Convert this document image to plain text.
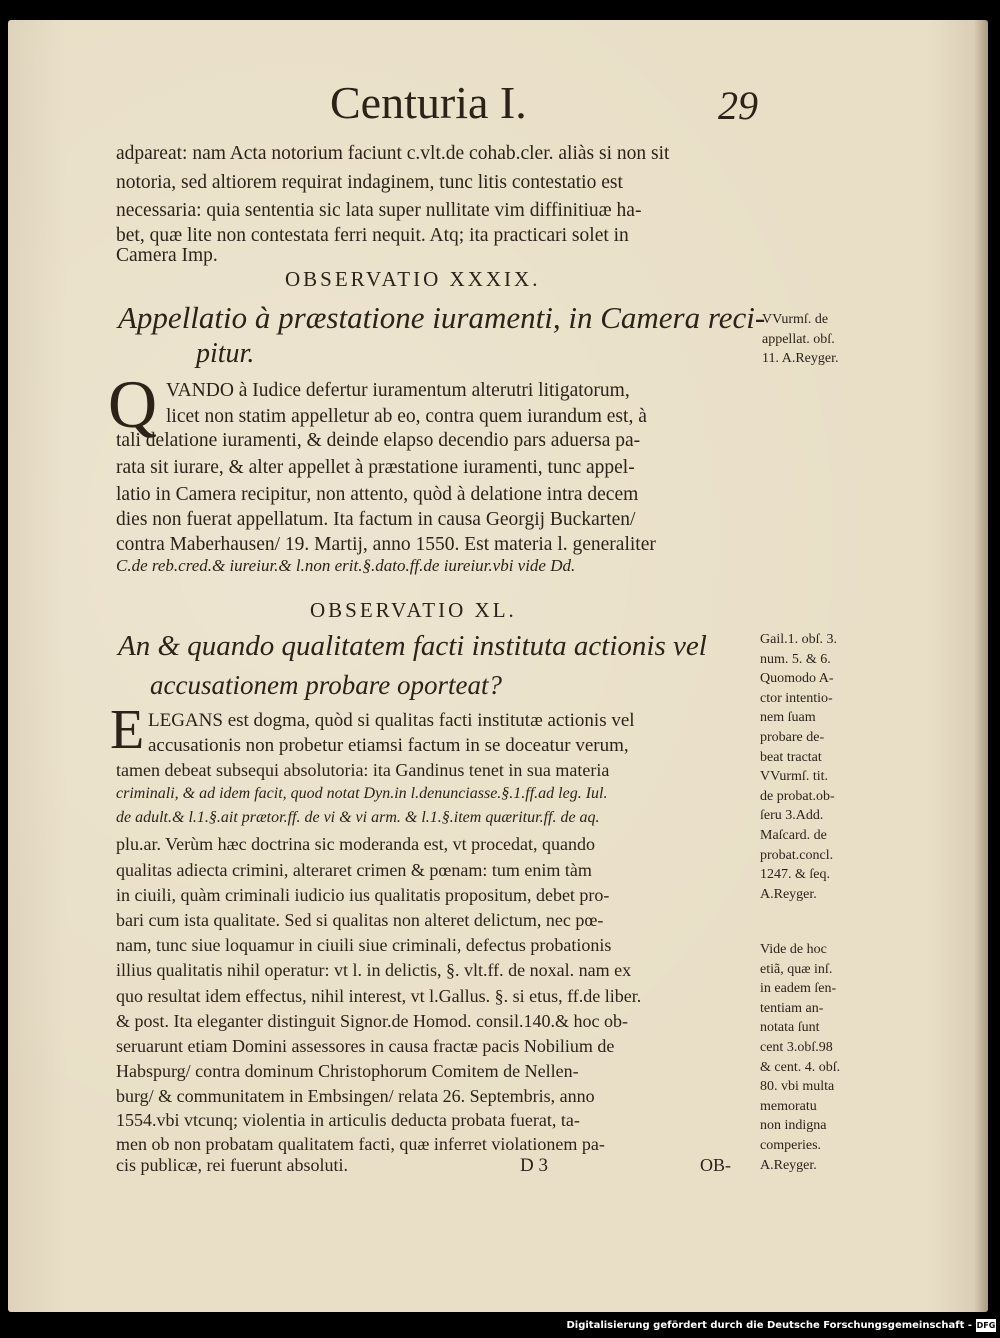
Centuria I.	29
adpareat: nam Acta notorium faciunt c.vlt.de cohab.cler. aliàs si non sit
notoria, sed altiorem requirat indaginem, tunc litis contestatio est
necessaria: quia sententia sic lata super nullitate vim diffinitiuæ ha-
bet, quæ lite non contestata ferri nequit. Atq; ita practicari solet in
Camera Imp.
OBSERVATIO XXXIX.
Appellatio à præstatione iuramenti, in Camera reci-
pitur.
VVurmſ. de
appellat. obſ.
11. A.Reyger.
Q VANDO à Iudice defertur iuramentum alterutri litigatorum,
licet non statim appelletur ab eo, contra quem iurandum est, à
tali delatione iuramenti, & deinde elapso decendio pars aduersa pa-
rata sit iurare, & alter appellet à præstatione iuramenti, tunc appel-
latio in Camera recipitur, non attento, quòd à delatione intra decem
dies non fuerat appellatum. Ita factum in causa Georgij Buckarten/
contra Maberhausen/ 19. Martij, anno 1550. Est materia l. generaliter
C.de reb.cred.& iureiur.& l.non erit.§.dato.ff.de iureiur.vbi vide Dd.
OBSERVATIO XL.
An & quando qualitatem facti instituta actionis vel
accusationem probare oporteat?
Gail.1. obſ. 3.
num. 5. & 6.
Quomodo A-
ctor intentio-
nem ſuam
probare de-
beat tractat
VVurmſ. tit.
de probat.ob-
ſeru 3.Add.
Maſcard. de
probat.concl.
1247. & ſeq.
A.Reyger.
E LEGANS est dogma, quòd si qualitas facti institutæ actionis vel
accusationis non probetur etiamsi factum in se doceatur verum,
tamen debeat subsequi absolutoria: ita Gandinus tenet in sua materia
criminali, & ad idem facit, quod notat Dyn.in l.denunciasse.§.1.ff.ad leg. Iul.
de adult.& l.1.§.ait prætor.ff. de vi & vi arm. & l.1.§.item quæritur.ff. de aq.
plu.ar. Verùm hæc doctrina sic moderanda est, vt procedat, quando
qualitas adiecta crimini, alteraret crimen & pœnam: tum enim tàm
in ciuili, quàm criminali iudicio ius qualitatis propositum, debet pro-
bari cum ista qualitate. Sed si qualitas non alteret delictum, nec pœ-
nam, tunc siue loquamur in ciuili siue criminali, defectus probationis
illius qualitatis nihil operatur: vt l. in delictis, §. vlt.ff. de noxal. nam ex
quo resultat idem effectus, nihil interest, vt l.Gallus. §. si etus, ff.de liber.
& post. Ita eleganter distinguit Signor.de Homod. consil.140.& hoc ob-
seruarunt etiam Domini assessores in causa fractæ pacis Nobilium de
Habspurg/ contra dominum Christophorum Comitem de Nellen-
burg/ & communitatem in Embsingen/ relata 26. Septembris, anno
1554.vbi vtcunq; violentia in articulis deducta probata fuerat, ta-
men ob non probatam qualitatem facti, quæ inferret violationem pa-
cis publicæ, rei fuerunt absoluti.	D 3	OB-
Vide de hoc
etiã, quæ inſ.
in eadem ſen-
tentiam an-
notata ſunt
cent 3.obſ.98
& cent. 4. obſ.
80. vbi multa
memoratu
non indigna
comperies.
A.Reyger.
Digitalisierung gefördert durch die Deutsche Forschungsgemeinschaft - DFG
